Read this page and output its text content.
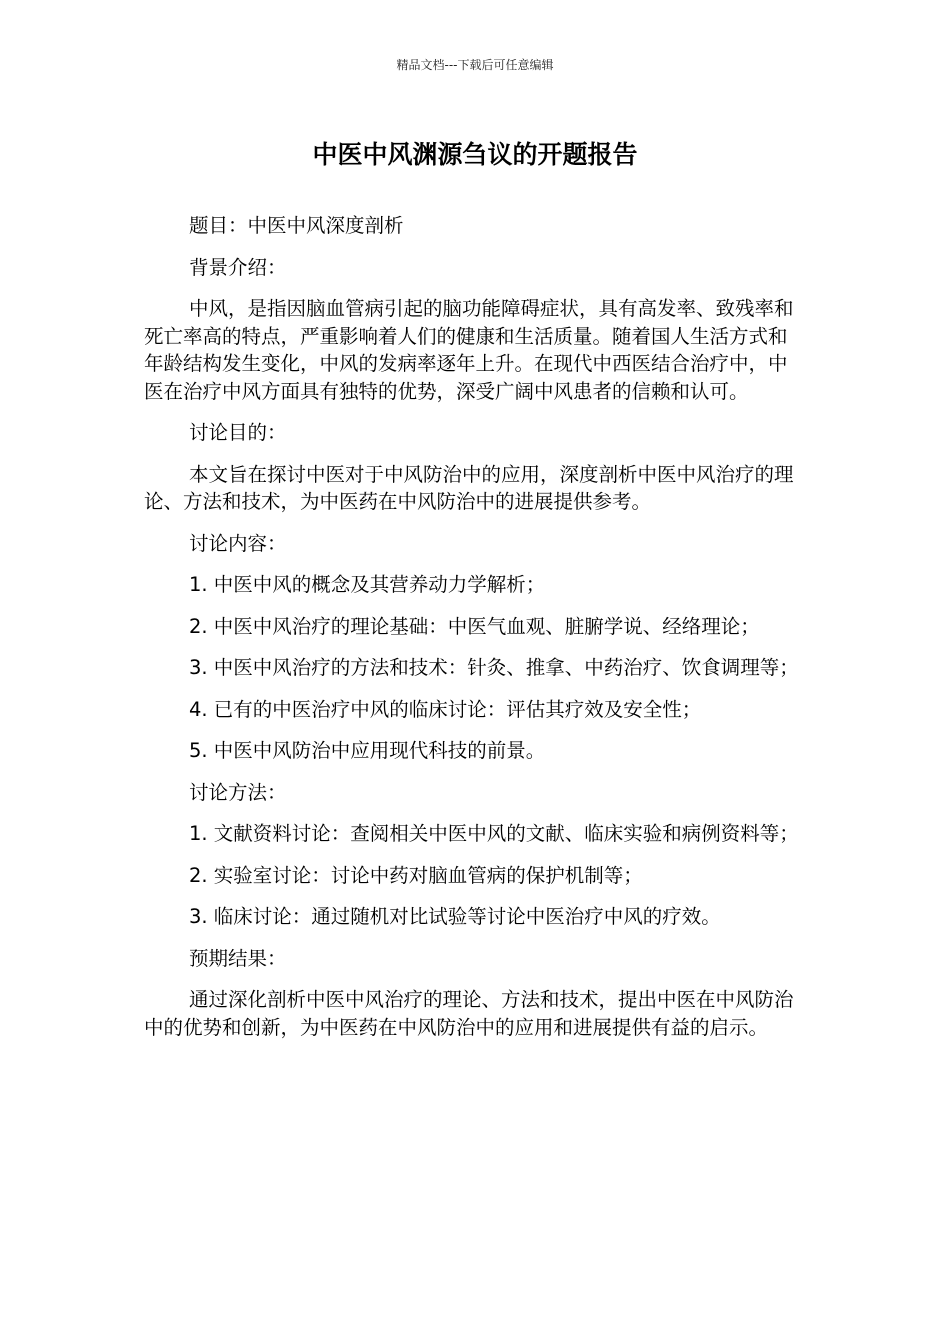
精品文档---下载后可任意编辑
中医中风渊源刍议的开题报告

题目：中医中风深度剖析

背景介绍：

中风，是指因脑血管病引起的脑功能障碍症状，具有高发率、致残率和死亡率高的特点，严重影响着人们的健康和生活质量。随着国人生活方式和年龄结构发生变化，中风的发病率逐年上升。在现代中西医结合治疗中，中医在治疗中风方面具有独特的优势，深受广阔中风患者的信赖和认可。

讨论目的：

本文旨在探讨中医对于中风防治中的应用，深度剖析中医中风治疗的理论、方法和技术，为中医药在中风防治中的进展提供参考。

讨论内容：

1. 中医中风的概念及其营养动力学解析；

2. 中医中风治疗的理论基础：中医气血观、脏腑学说、经络理论；

3. 中医中风治疗的方法和技术：针灸、推拿、中药治疗、饮食调理等；

4. 已有的中医治疗中风的临床讨论：评估其疗效及安全性；

5. 中医中风防治中应用现代科技的前景。

讨论方法：

1. 文献资料讨论：查阅相关中医中风的文献、临床实验和病例资料等；

2. 实验室讨论：讨论中药对脑血管病的保护机制等；

3. 临床讨论：通过随机对比试验等讨论中医治疗中风的疗效。

预期结果：

通过深化剖析中医中风治疗的理论、方法和技术，提出中医在中风防治中的优势和创新，为中医药在中风防治中的应用和进展提供有益的启示。
